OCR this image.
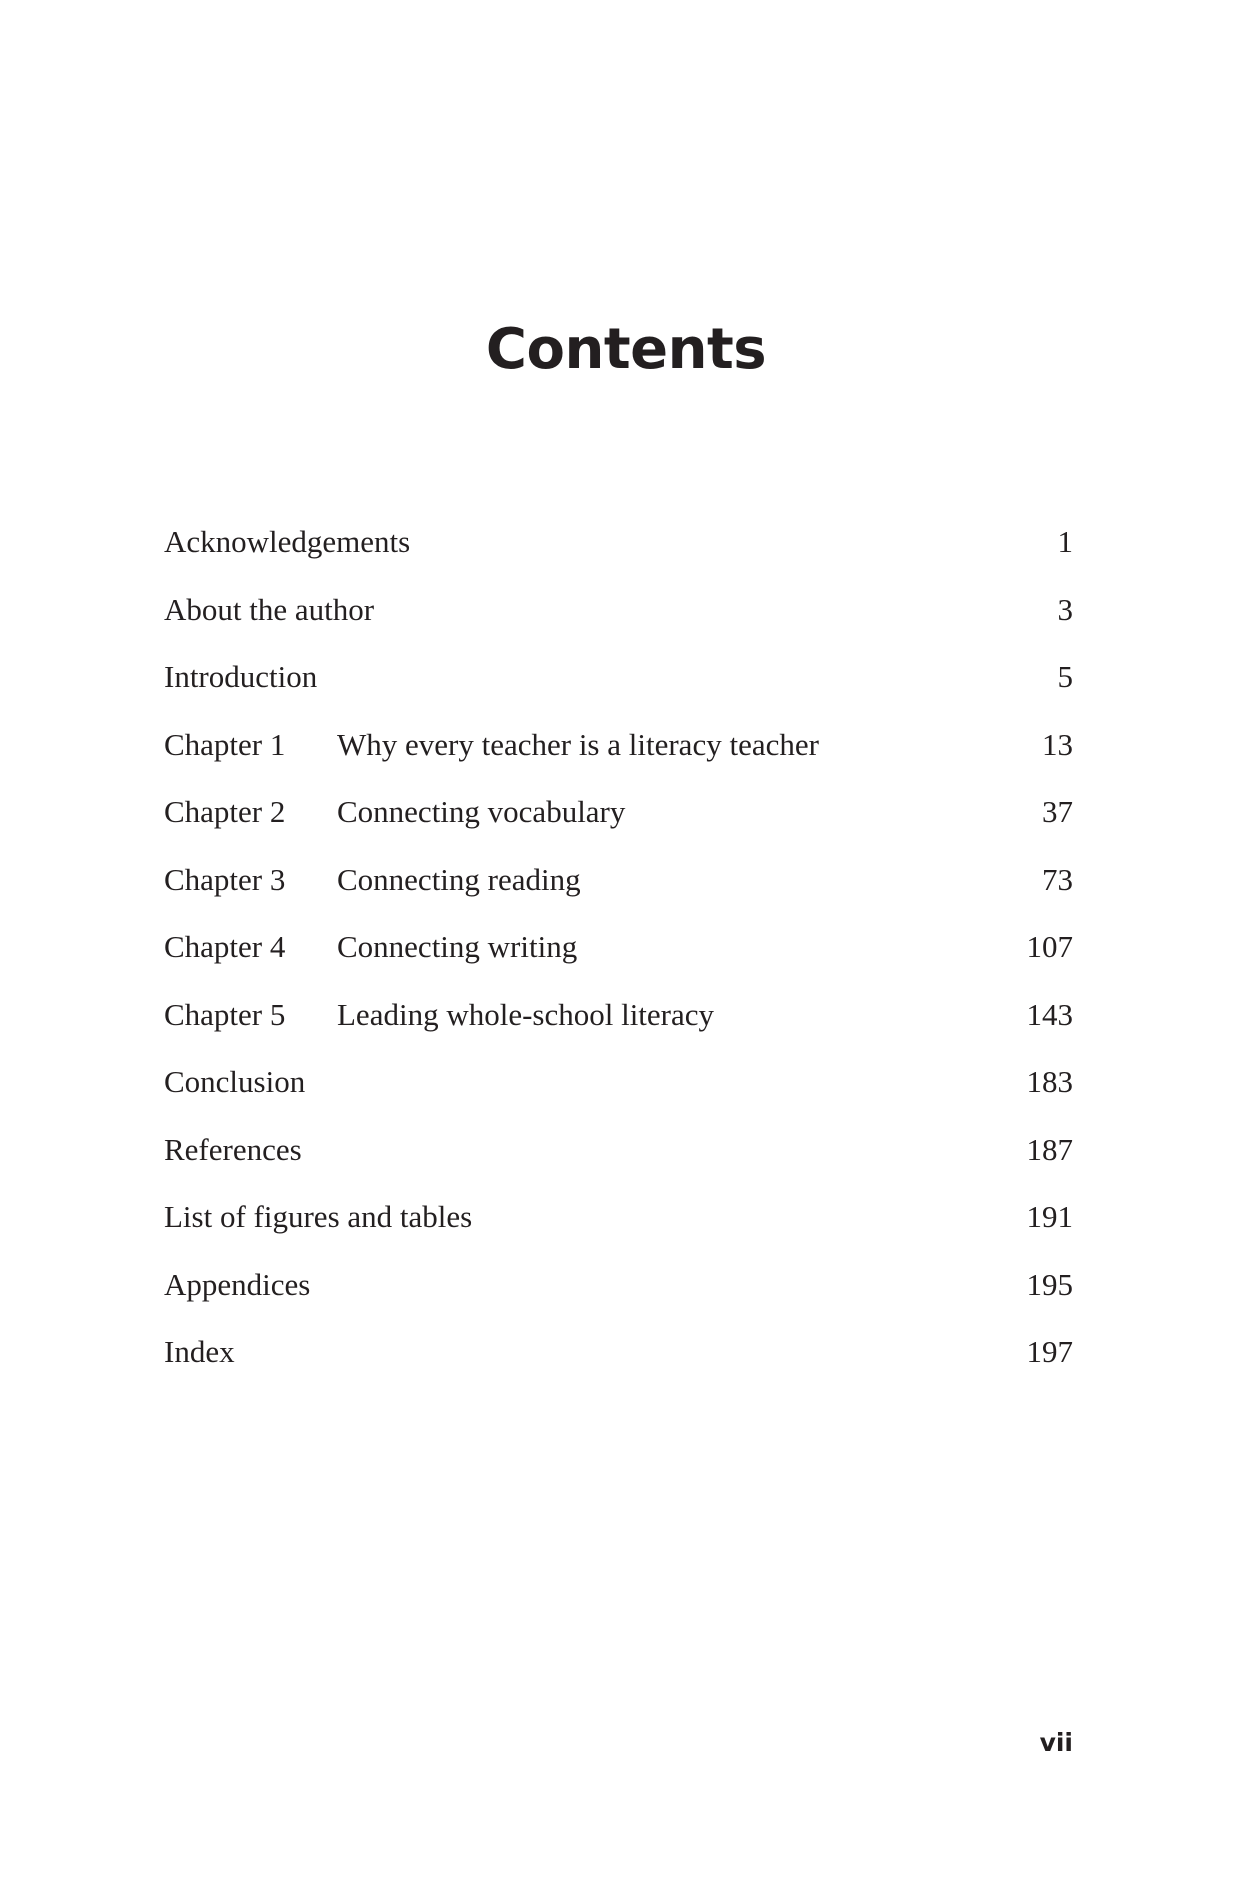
Contents
Acknowledgements	1
About the author	3
Introduction	5
Chapter 1 Why every teacher is a literacy teacher	13
Chapter 2 Connecting vocabulary	37
Chapter 3 Connecting reading	73
Chapter 4 Connecting writing	107
Chapter 5 Leading whole-school literacy	143
Conclusion	183
References	187
List of figures and tables	191
Appendices	195
Index	197
vii
